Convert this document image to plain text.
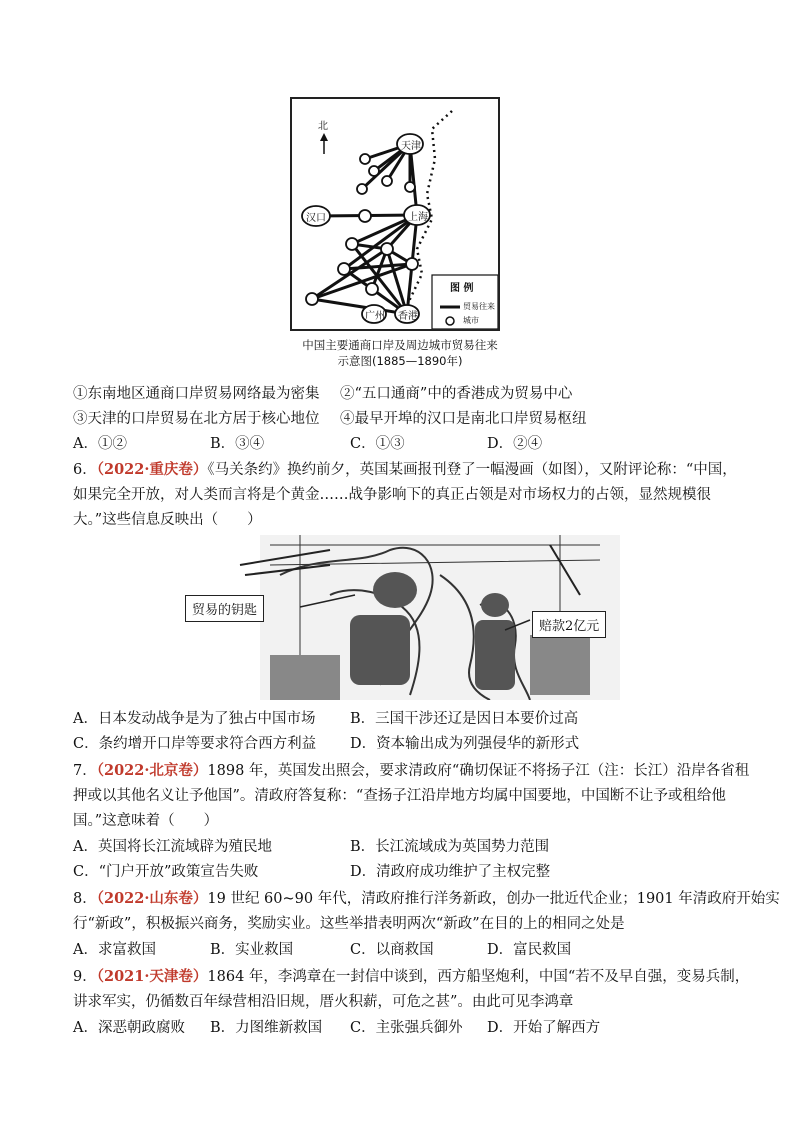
北
天津
汉口	上海
广州 香港
图 例
贸易往来
城市
中国主要通商口岸及周边城市贸易往来
示意图(1885—1890年)
①东南地区通商口岸贸易网络最为密集 ②“五口通商”中的香港成为贸易中心
③天津的口岸贸易在北方居于核心地位 ④最早开埠的汉口是南北口岸贸易枢纽
A．①②	B．③④	C．①③	D．②④
6．（2022·重庆卷）《马关条约》换约前夕，英国某画报刊登了一幅漫画（如图），又附评论称：“中国，
如果完全开放，对人类而言将是个黄金……战争影响下的真正占领是对市场权力的占领，显然规模很
大。”这些信息反映出（　　）
贸易的钥匙
赔款2亿元
A．日本发动战争是为了独占中国市场 B．三国干涉还辽是因日本要价过高
C．条约增开口岸等要求符合西方利益 D．资本输出成为列强侵华的新形式
7．（2022·北京卷）1898 年，英国发出照会，要求清政府“确切保证不将扬子江（注：长江）沿岸各省租
押或以其他名义让予他国”。清政府答复称：“查扬子江沿岸地方均属中国要地，中国断不让予或租给他
国。”这意味着（　　）
A．英国将长江流域辟为殖民地	B．长江流域成为英国势力范围
C．“门户开放”政策宣告失败	D．清政府成功维护了主权完整
8．（2022·山东卷）19 世纪 60~90 年代，清政府推行洋务新政，创办一批近代企业；1901 年清政府开始实
行“新政”，积极振兴商务，奖励实业。这些举措表明两次“新政”在目的上的相同之处是
A．求富救国	B．实业救国	C．以商救国	D．富民救国
9．（2021·天津卷）1864 年，李鸿章在一封信中谈到，西方船坚炮利，中国“若不及早自强，变易兵制，
讲求军实，仍循数百年绿营相沿旧规，厝火积薪，可危之甚”。由此可见李鸿章
A．深恶朝政腐败 B．力图维新救国 C．主张强兵御外 D．开始了解西方
